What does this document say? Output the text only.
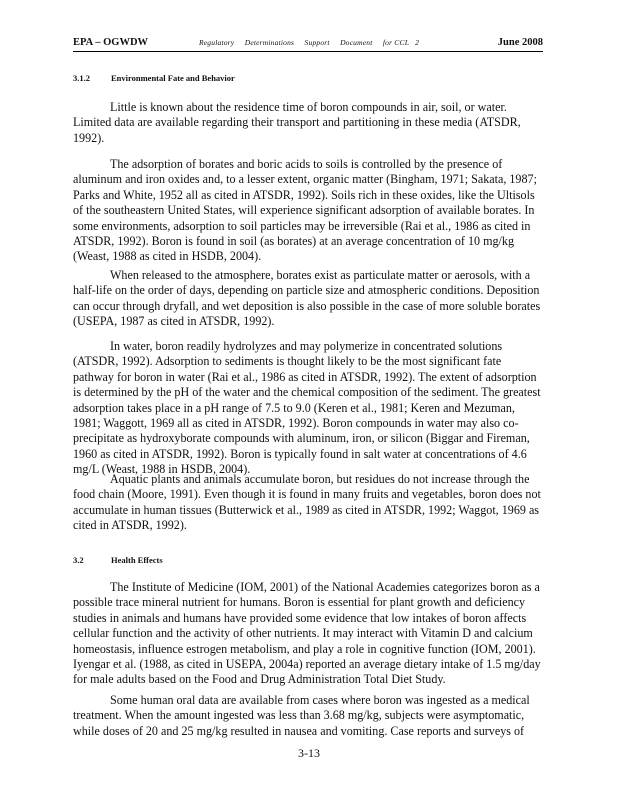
EPA – OGWDW	Regulatory     Determinations     Support     Document     for CCL   2	June 2008
3.1.2 Environmental Fate and Behavior

Little is known about the residence time of boron compounds in air, soil, or water. Limited data are available regarding their transport and partitioning in these media (ATSDR, 1992).

The adsorption of borates and boric acids to soils is controlled by the presence of aluminum and iron oxides and, to a lesser extent, organic matter (Bingham, 1971; Sakata, 1987; Parks and White, 1952 all as cited in ATSDR, 1992). Soils rich in these oxides, like the Ultisols of the southeastern United States, will experience significant adsorption of available borates. In some environments, adsorption to soil particles may be irreversible (Rai et al., 1986 as cited in ATSDR, 1992). Boron is found in soil (as borates) at an average concentration of 10 mg/kg (Weast, 1988 as cited in HSDB, 2004).

When released to the atmosphere, borates exist as particulate matter or aerosols, with a half-life on the order of days, depending on particle size and atmospheric conditions. Deposition can occur through dryfall, and wet deposition is also possible in the case of more soluble borates (USEPA, 1987 as cited in ATSDR, 1992).

In water, boron readily hydrolyzes and may polymerize in concentrated solutions (ATSDR, 1992). Adsorption to sediments is thought likely to be the most significant fate pathway for boron in water (Rai et al., 1986 as cited in ATSDR, 1992). The extent of adsorption is determined by the pH of the water and the chemical composition of the sediment. The greatest adsorption takes place in a pH range of 7.5 to 9.0 (Keren et al., 1981; Keren and Mezuman, 1981; Waggott, 1969 all as cited in ATSDR, 1992). Boron compounds in water may also co-precipitate as hydroxyborate compounds with aluminum, iron, or silicon (Biggar and Fireman, 1960 as cited in ATSDR, 1992). Boron is typically found in salt water at concentrations of 4.6 mg/L (Weast, 1988 in HSDB, 2004).

Aquatic plants and animals accumulate boron, but residues do not increase through the food chain (Moore, 1991). Even though it is found in many fruits and vegetables, boron does not accumulate in human tissues (Butterwick et al., 1989 as cited in ATSDR, 1992; Waggot, 1969 as cited in ATSDR, 1992).

3.2	Health Effects

The Institute of Medicine (IOM, 2001) of the National Academies categorizes boron as a possible trace mineral nutrient for humans. Boron is essential for plant growth and deficiency studies in animals and humans have provided some evidence that low intakes of boron affects cellular function and the activity of other nutrients. It may interact with Vitamin D and calcium homeostasis, influence estrogen metabolism, and play a role in cognitive function (IOM, 2001). Iyengar et al. (1988, as cited in USEPA, 2004a) reported an average dietary intake of 1.5 mg/day for male adults based on the Food and Drug Administration Total Diet Study.

Some human oral data are available from cases where boron was ingested as a medical treatment. When the amount ingested was less than 3.68 mg/kg, subjects were asymptomatic, while doses of 20 and 25 mg/kg resulted in nausea and vomiting. Case reports and surveys of

3-13
